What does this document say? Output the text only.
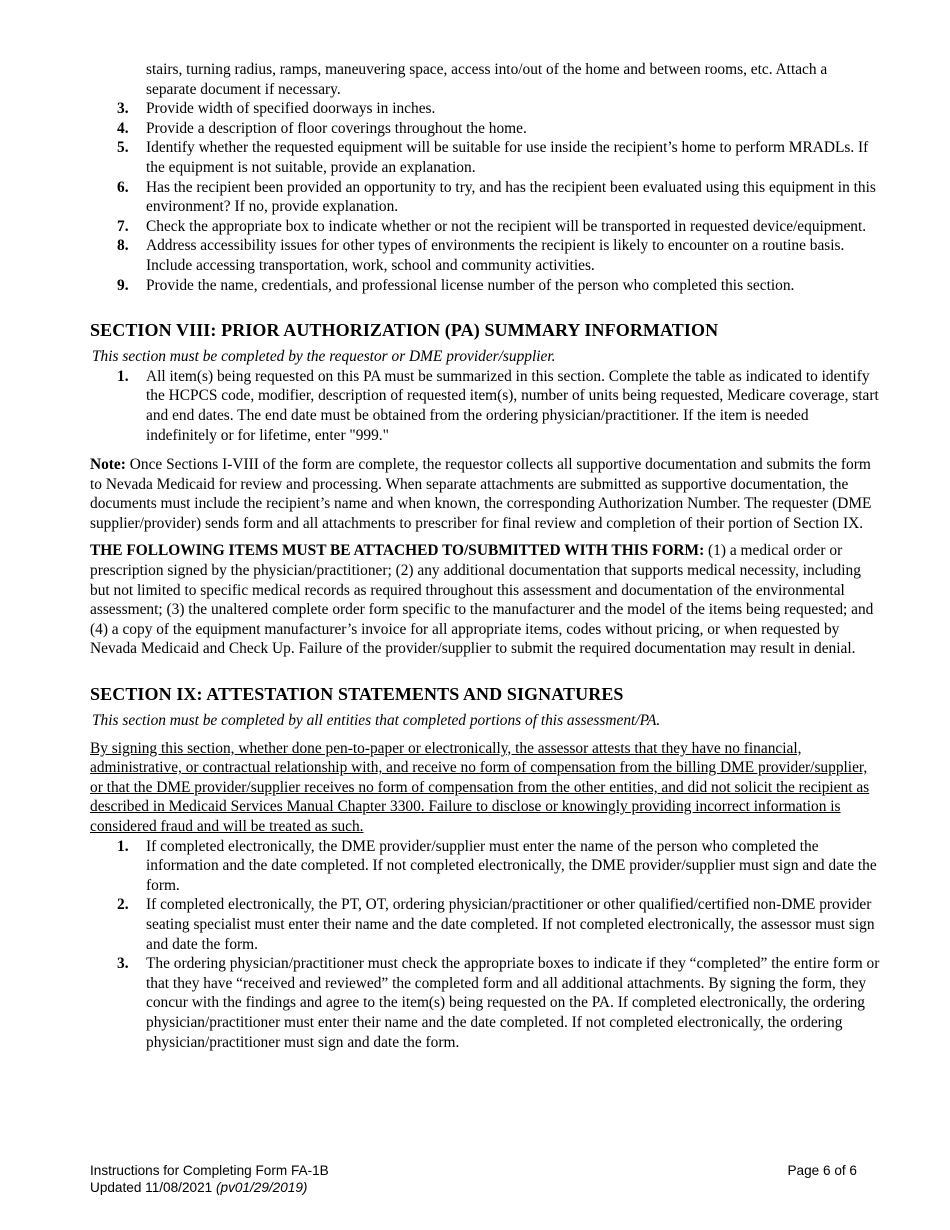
stairs, turning radius, ramps, maneuvering space, access into/out of the home and between rooms, etc. Attach a separate document if necessary.
3. Provide width of specified doorways in inches.
4. Provide a description of floor coverings throughout the home.
5. Identify whether the requested equipment will be suitable for use inside the recipient’s home to perform MRADLs. If the equipment is not suitable, provide an explanation.
6. Has the recipient been provided an opportunity to try, and has the recipient been evaluated using this equipment in this environment? If no, provide explanation.
7. Check the appropriate box to indicate whether or not the recipient will be transported in requested device/equipment.
8. Address accessibility issues for other types of environments the recipient is likely to encounter on a routine basis. Include accessing transportation, work, school and community activities.
9. Provide the name, credentials, and professional license number of the person who completed this section.
SECTION VIII: PRIOR AUTHORIZATION (PA) SUMMARY INFORMATION
This section must be completed by the requestor or DME provider/supplier.
1. All item(s) being requested on this PA must be summarized in this section. Complete the table as indicated to identify the HCPCS code, modifier, description of requested item(s), number of units being requested, Medicare coverage, start and end dates. The end date must be obtained from the ordering physician/practitioner. If the item is needed indefinitely or for lifetime, enter "999."

Note: Once Sections I-VIII of the form are complete, the requestor collects all supportive documentation and submits the form to Nevada Medicaid for review and processing. When separate attachments are submitted as supportive documentation, the documents must include the recipient’s name and when known, the corresponding Authorization Number. The requester (DME supplier/provider) sends form and all attachments to prescriber for final review and completion of their portion of Section IX.

THE FOLLOWING ITEMS MUST BE ATTACHED TO/SUBMITTED WITH THIS FORM: (1) a medical order or prescription signed by the physician/practitioner; (2) any additional documentation that supports medical necessity, including but not limited to specific medical records as required throughout this assessment and documentation of the environmental assessment; (3) the unaltered complete order form specific to the manufacturer and the model of the items being requested; and (4) a copy of the equipment manufacturer’s invoice for all appropriate items, codes without pricing, or when requested by Nevada Medicaid and Check Up. Failure of the provider/supplier to submit the required documentation may result in denial.

SECTION IX: ATTESTATION STATEMENTS AND SIGNATURES
This section must be completed by all entities that completed portions of this assessment/PA.

By signing this section, whether done pen-to-paper or electronically, the assessor attests that they have no financial, administrative, or contractual relationship with, and receive no form of compensation from the billing DME provider/supplier, or that the DME provider/supplier receives no form of compensation from the other entities, and did not solicit the recipient as described in Medicaid Services Manual Chapter 3300. Failure to disclose or knowingly providing incorrect information is considered fraud and will be treated as such.

1. If completed electronically, the DME provider/supplier must enter the name of the person who completed the information and the date completed. If not completed electronically, the DME provider/supplier must sign and date the form.
2. If completed electronically, the PT, OT, ordering physician/practitioner or other qualified/certified non-DME provider seating specialist must enter their name and the date completed. If not completed electronically, the assessor must sign and date the form.
3. The ordering physician/practitioner must check the appropriate boxes to indicate if they “completed” the entire form or that they have “received and reviewed” the completed form and all additional attachments. By signing the form, they concur with the findings and agree to the item(s) being requested on the PA. If completed electronically, the ordering physician/practitioner must enter their name and the date completed. If not completed electronically, the ordering physician/practitioner must sign and date the form.
Instructions for Completing Form FA-1B
Updated 11/08/2021 (pv01/29/2019)
Page 6 of 6
